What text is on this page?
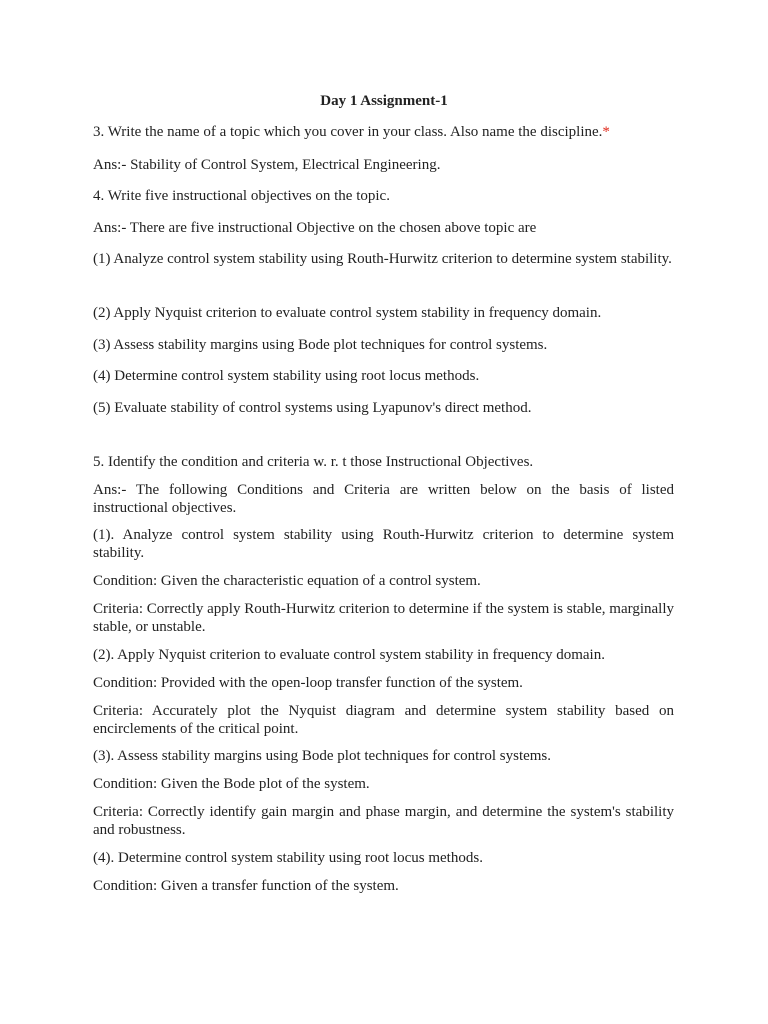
Day 1 Assignment-1

3. Write the name of a topic which you cover in your class. Also name the discipline.*

Ans:- Stability of Control System, Electrical Engineering.

4. Write five instructional objectives on the topic.

Ans:- There are five instructional Objective on the chosen above topic are

(1) Analyze control system stability using Routh-Hurwitz criterion to determine system stability.

(2) Apply Nyquist criterion to evaluate control system stability in frequency domain.

(3) Assess stability margins using Bode plot techniques for control systems.

(4) Determine control system stability using root locus methods.

(5) Evaluate stability of control systems using Lyapunov's direct method.

5. Identify the condition and criteria w. r. t those Instructional Objectives.

Ans:- The following Conditions and Criteria are written below on the basis of listed instructional objectives.

(1). Analyze control system stability using Routh-Hurwitz criterion to determine system stability.

Condition: Given the characteristic equation of a control system.

Criteria: Correctly apply Routh-Hurwitz criterion to determine if the system is stable, marginally stable, or unstable.

(2). Apply Nyquist criterion to evaluate control system stability in frequency domain.

Condition: Provided with the open-loop transfer function of the system.

Criteria: Accurately plot the Nyquist diagram and determine system stability based on encirclements of the critical point.

(3). Assess stability margins using Bode plot techniques for control systems.

Condition: Given the Bode plot of the system.

Criteria: Correctly identify gain margin and phase margin, and determine the system's stability and robustness.

(4). Determine control system stability using root locus methods.

Condition: Given a transfer function of the system.
